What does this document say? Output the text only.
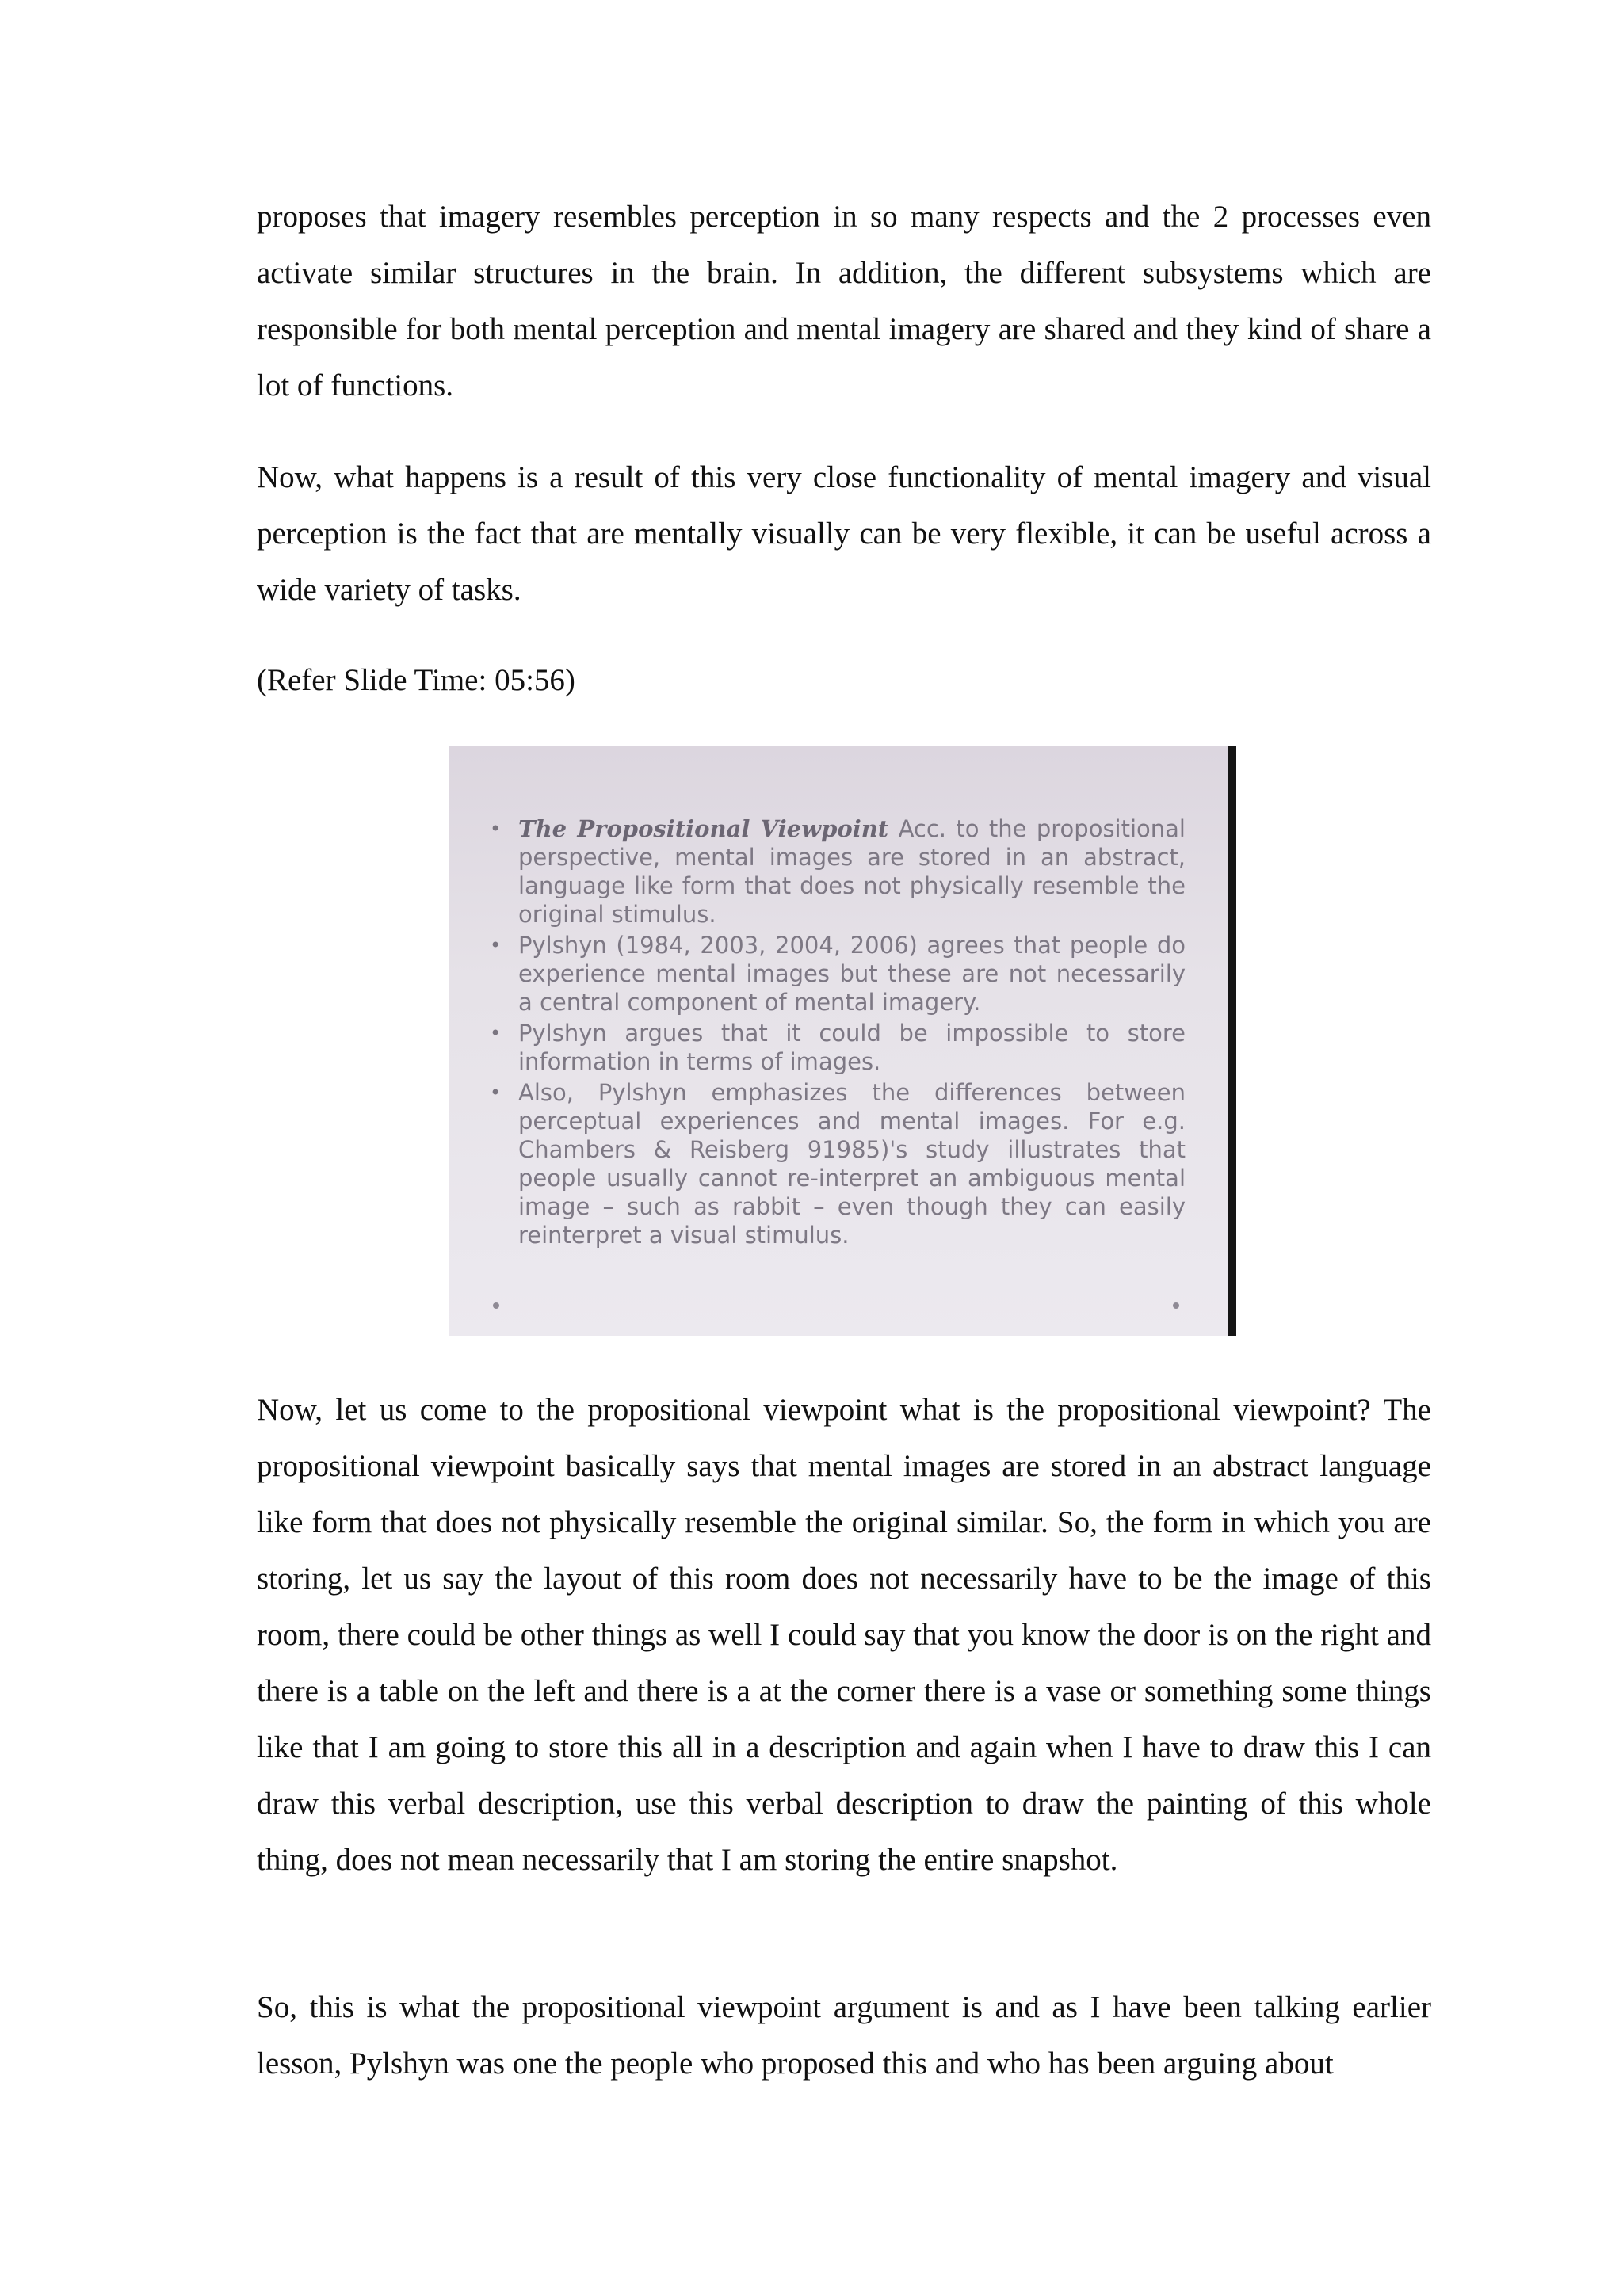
proposes that imagery resembles perception in so many respects and the 2 processes even activate similar structures in the brain. In addition, the different subsystems which are responsible for both mental perception and mental imagery are shared and they kind of share a lot of functions.

Now, what happens is a result of this very close functionality of mental imagery and visual perception is the fact that are mentally visually can be very flexible, it can be useful across a wide variety of tasks.

(Refer Slide Time: 05:56)

• The Propositional Viewpoint Acc. to the propositional perspective, mental images are stored in an abstract, language like form that does not physically resemble the original stimulus.
• Pylshyn (1984, 2003, 2004, 2006) agrees that people do experience mental images but these are not necessarily a central component of mental imagery.
• Pylshyn argues that it could be impossible to store information in terms of images.
• Also, Pylshyn emphasizes the differences between perceptual experiences and mental images. For e.g. Chambers & Reisberg 91985)'s study illustrates that people usually cannot re-interpret an ambiguous mental image – such as rabbit – even though they can easily reinterpret a visual stimulus.

Now, let us come to the propositional viewpoint what is the propositional viewpoint? The propositional viewpoint basically says that mental images are stored in an abstract language like form that does not physically resemble the original similar. So, the form in which you are storing, let us say the layout of this room does not necessarily have to be the image of this room, there could be other things as well I could say that you know the door is on the right and there is a table on the left and there is a at the corner there is a vase or something some things like that I am going to store this all in a description and again when I have to draw this I can draw this verbal description, use this verbal description to draw the painting of this whole thing, does not mean necessarily that I am storing the entire snapshot.

So, this is what the propositional viewpoint argument is and as I have been talking earlier lesson, Pylshyn was one the people who proposed this and who has been arguing about
